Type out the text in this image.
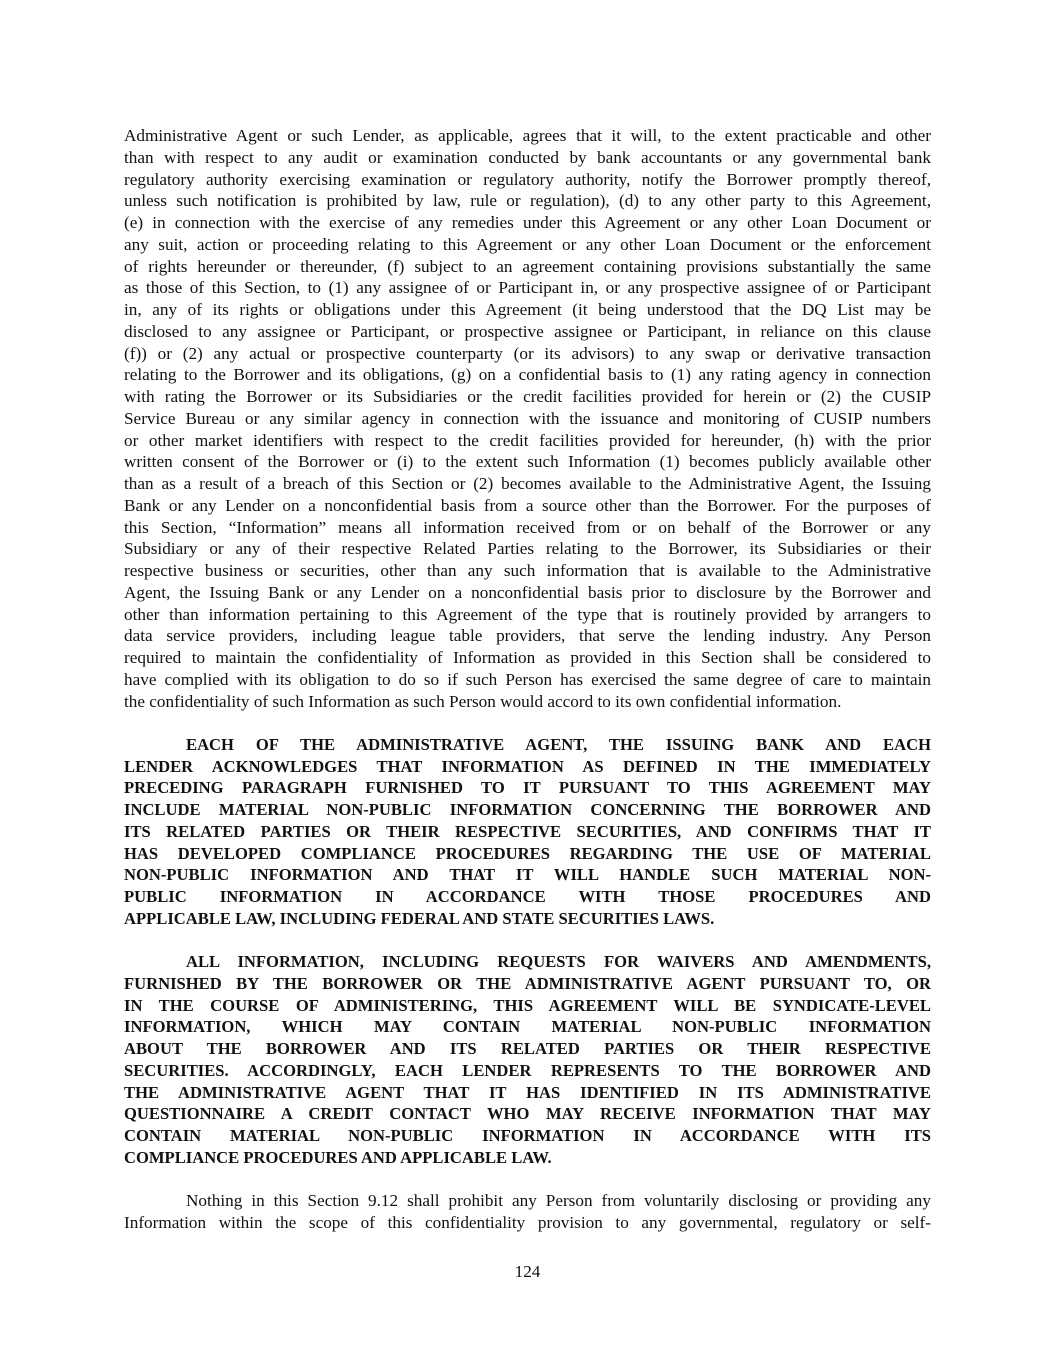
Administrative Agent or such Lender, as applicable, agrees that it will, to the extent practicable and other
than with respect to any audit or examination conducted by bank accountants or any governmental bank
regulatory authority exercising examination or regulatory authority, notify the Borrower promptly thereof,
unless such notification is prohibited by law, rule or regulation), (d) to any other party to this Agreement,
(e) in connection with the exercise of any remedies under this Agreement or any other Loan Document or
any suit, action or proceeding relating to this Agreement or any other Loan Document or the enforcement
of rights hereunder or thereunder, (f) subject to an agreement containing provisions substantially the same
as those of this Section, to (1) any assignee of or Participant in, or any prospective assignee of or Participant
in, any of its rights or obligations under this Agreement (it being understood that the DQ List may be
disclosed to any assignee or Participant, or prospective assignee or Participant, in reliance on this clause
(f)) or (2) any actual or prospective counterparty (or its advisors) to any swap or derivative transaction
relating to the Borrower and its obligations, (g) on a confidential basis to (1) any rating agency in connection
with rating the Borrower or its Subsidiaries or the credit facilities provided for herein or (2) the CUSIP
Service Bureau or any similar agency in connection with the issuance and monitoring of CUSIP numbers
or other market identifiers with respect to the credit facilities provided for hereunder, (h) with the prior
written consent of the Borrower or (i) to the extent such Information (1) becomes publicly available other
than as a result of a breach of this Section or (2) becomes available to the Administrative Agent, the Issuing
Bank or any Lender on a nonconfidential basis from a source other than the Borrower. For the purposes of
this Section, “Information” means all information received from or on behalf of the Borrower or any
Subsidiary or any of their respective Related Parties relating to the Borrower, its Subsidiaries or their
respective business or securities, other than any such information that is available to the Administrative
Agent, the Issuing Bank or any Lender on a nonconfidential basis prior to disclosure by the Borrower and
other than information pertaining to this Agreement of the type that is routinely provided by arrangers to
data service providers, including league table providers, that serve the lending industry. Any Person
required to maintain the confidentiality of Information as provided in this Section shall be considered to
have complied with its obligation to do so if such Person has exercised the same degree of care to maintain
the confidentiality of such Information as such Person would accord to its own confidential information.
EACH OF THE ADMINISTRATIVE AGENT, THE ISSUING BANK AND EACH
LENDER ACKNOWLEDGES THAT INFORMATION AS DEFINED IN THE IMMEDIATELY
PRECEDING PARAGRAPH FURNISHED TO IT PURSUANT TO THIS AGREEMENT MAY
INCLUDE MATERIAL NON-PUBLIC INFORMATION CONCERNING THE BORROWER AND
ITS RELATED PARTIES OR THEIR RESPECTIVE SECURITIES, AND CONFIRMS THAT IT
HAS DEVELOPED COMPLIANCE PROCEDURES REGARDING THE USE OF MATERIAL
NON-PUBLIC INFORMATION AND THAT IT WILL HANDLE SUCH MATERIAL NON-
PUBLIC INFORMATION IN ACCORDANCE WITH THOSE PROCEDURES AND
APPLICABLE LAW, INCLUDING FEDERAL AND STATE SECURITIES LAWS.
ALL INFORMATION, INCLUDING REQUESTS FOR WAIVERS AND AMENDMENTS,
FURNISHED BY THE BORROWER OR THE ADMINISTRATIVE AGENT PURSUANT TO, OR
IN THE COURSE OF ADMINISTERING, THIS AGREEMENT WILL BE SYNDICATE-LEVEL
INFORMATION, WHICH MAY CONTAIN MATERIAL NON-PUBLIC INFORMATION
ABOUT THE BORROWER AND ITS RELATED PARTIES OR THEIR RESPECTIVE
SECURITIES. ACCORDINGLY, EACH LENDER REPRESENTS TO THE BORROWER AND
THE ADMINISTRATIVE AGENT THAT IT HAS IDENTIFIED IN ITS ADMINISTRATIVE
QUESTIONNAIRE A CREDIT CONTACT WHO MAY RECEIVE INFORMATION THAT MAY
CONTAIN MATERIAL NON-PUBLIC INFORMATION IN ACCORDANCE WITH ITS
COMPLIANCE PROCEDURES AND APPLICABLE LAW.
Nothing in this Section 9.12 shall prohibit any Person from voluntarily disclosing or providing any
Information within the scope of this confidentiality provision to any governmental, regulatory or self-
124
